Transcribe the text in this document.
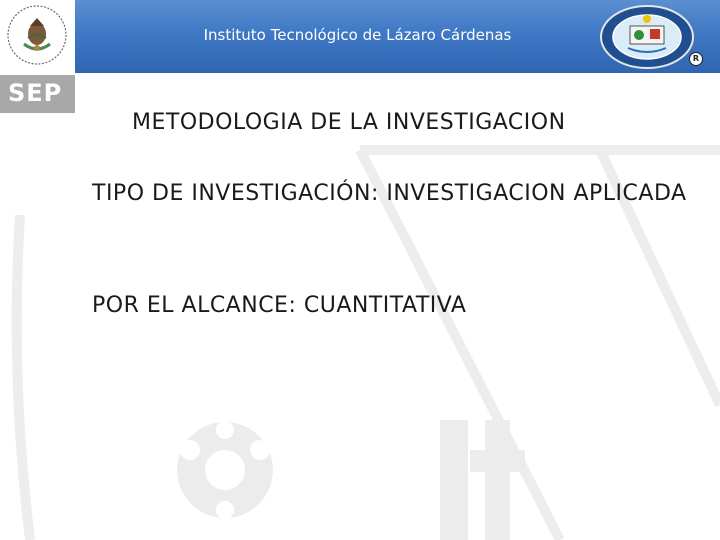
Instituto Tecnológico de Lázaro Cárdenas
SEP
R
METODOLOGIA DE LA INVESTIGACION
TIPO DE INVESTIGACIÓN: INVESTIGACION APLICADA
POR EL ALCANCE: CUANTITATIVA
